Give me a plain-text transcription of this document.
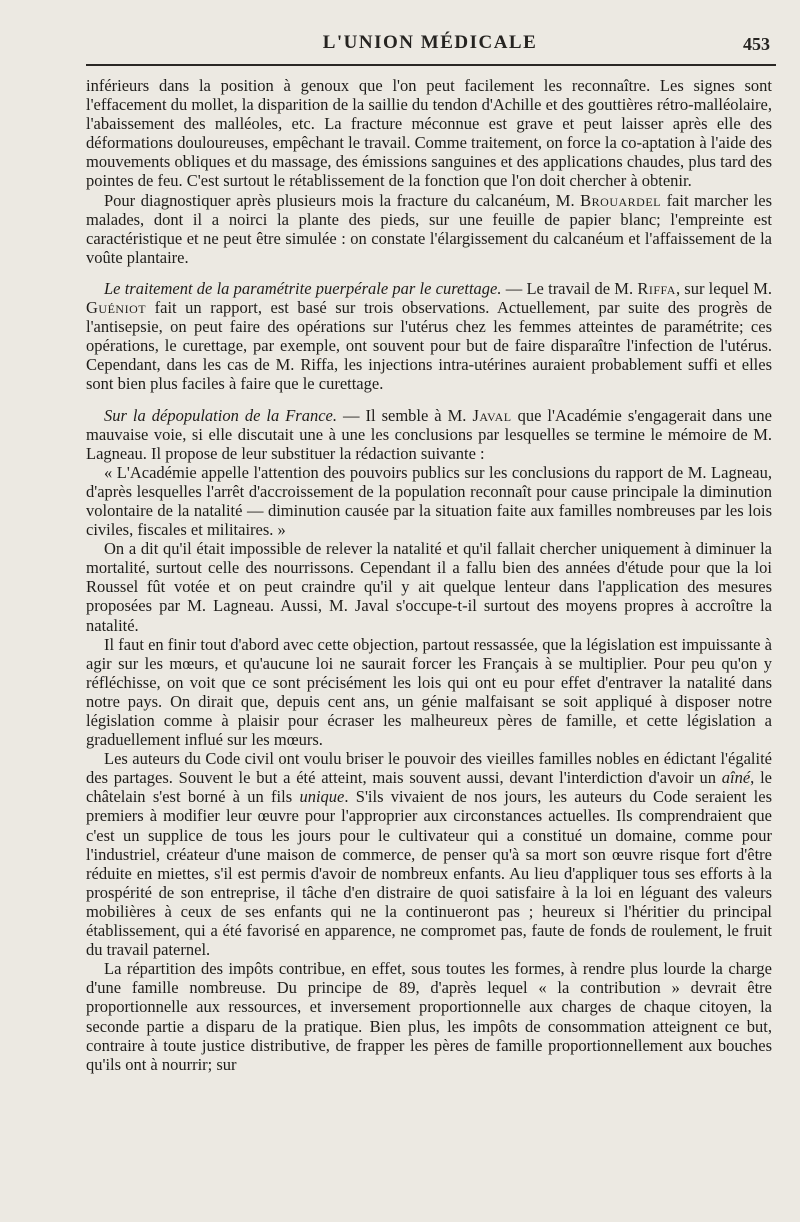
L'UNION MÉDICALE	453

inférieurs dans la position à genoux que l'on peut facilement les reconnaître. Les signes sont l'effacement du mollet, la disparition de la saillie du tendon d'Achille et des gouttières rétro-malléolaire, l'abaissement des malléoles, etc. La fracture méconnue est grave et peut laisser après elle des déformations douloureuses, empêchant le travail. Comme traitement, on force la co-aptation à l'aide des mouvements obliques et du massage, des émissions sanguines et des applications chaudes, plus tard des pointes de feu. C'est surtout le rétablissement de la fonction que l'on doit chercher à obtenir.

Pour diagnostiquer après plusieurs mois la fracture du calcanéum, M. Brouardel fait marcher les malades, dont il a noirci la plante des pieds, sur une feuille de papier blanc; l'empreinte est caractéristique et ne peut être simulée : on constate l'élargissement du calcanéum et l'affaissement de la voûte plantaire.

Le traitement de la paramétrite puerpérale par le curettage. — Le travail de M. Riffa, sur lequel M. Guéniot fait un rapport, est basé sur trois observations. Actuellement, par suite des progrès de l'antisepsie, on peut faire des opérations sur l'utérus chez les femmes atteintes de paramétrite; ces opérations, le curettage, par exemple, ont souvent pour but de faire disparaître l'infection de l'utérus. Cependant, dans les cas de M. Riffa, les injections intra-utérines auraient probablement suffi et elles sont bien plus faciles à faire que le curettage.

Sur la dépopulation de la France. — Il semble à M. Javal que l'Académie s'engagerait dans une mauvaise voie, si elle discutait une à une les conclusions par lesquelles se termine le mémoire de M. Lagneau. Il propose de leur substituer la rédaction suivante :

« L'Académie appelle l'attention des pouvoirs publics sur les conclusions du rapport de M. Lagneau, d'après lesquelles l'arrêt d'accroissement de la population reconnaît pour cause principale la diminution volontaire de la natalité — diminution causée par la situation faite aux familles nombreuses par les lois civiles, fiscales et militaires. »

On a dit qu'il était impossible de relever la natalité et qu'il fallait chercher uniquement à diminuer la mortalité, surtout celle des nourrissons. Cependant il a fallu bien des années d'étude pour que la loi Roussel fût votée et on peut craindre qu'il y ait quelque lenteur dans l'application des mesures proposées par M. Lagneau. Aussi, M. Javal s'occupe-t-il surtout des moyens propres à accroître la natalité.

Il faut en finir tout d'abord avec cette objection, partout ressassée, que la législation est impuissante à agir sur les mœurs, et qu'aucune loi ne saurait forcer les Français à se multiplier. Pour peu qu'on y réfléchisse, on voit que ce sont précisément les lois qui ont eu pour effet d'entraver la natalité dans notre pays. On dirait que, depuis cent ans, un génie malfaisant se soit appliqué à disposer notre législation comme à plaisir pour écraser les malheureux pères de famille, et cette législation a graduellement influé sur les mœurs.

Les auteurs du Code civil ont voulu briser le pouvoir des vieilles familles nobles en édictant l'égalité des partages. Souvent le but a été atteint, mais souvent aussi, devant l'interdiction d'avoir un aîné, le châtelain s'est borné à un fils unique. S'ils vivaient de nos jours, les auteurs du Code seraient les premiers à modifier leur œuvre pour l'approprier aux circonstances actuelles. Ils comprendraient que c'est un supplice de tous les jours pour le cultivateur qui a constitué un domaine, comme pour l'industriel, créateur d'une maison de commerce, de penser qu'à sa mort son œuvre risque fort d'être réduite en miettes, s'il est permis d'avoir de nombreux enfants. Au lieu d'appliquer tous ses efforts à la prospérité de son entreprise, il tâche d'en distraire de quoi satisfaire à la loi en léguant des valeurs mobilières à ceux de ses enfants qui ne la continueront pas ; heureux si l'héritier du principal établissement, qui a été favorisé en apparence, ne compromet pas, faute de fonds de roulement, le fruit du travail paternel.

La répartition des impôts contribue, en effet, sous toutes les formes, à rendre plus lourde la charge d'une famille nombreuse. Du principe de 89, d'après lequel « la contribution » devrait être proportionnelle aux ressources, et inversement proportionnelle aux charges de chaque citoyen, la seconde partie a disparu de la pratique. Bien plus, les impôts de consommation atteignent ce but, contraire à toute justice distributive, de frapper les pères de famille proportionnellement aux bouches qu'ils ont à nourrir; sur
